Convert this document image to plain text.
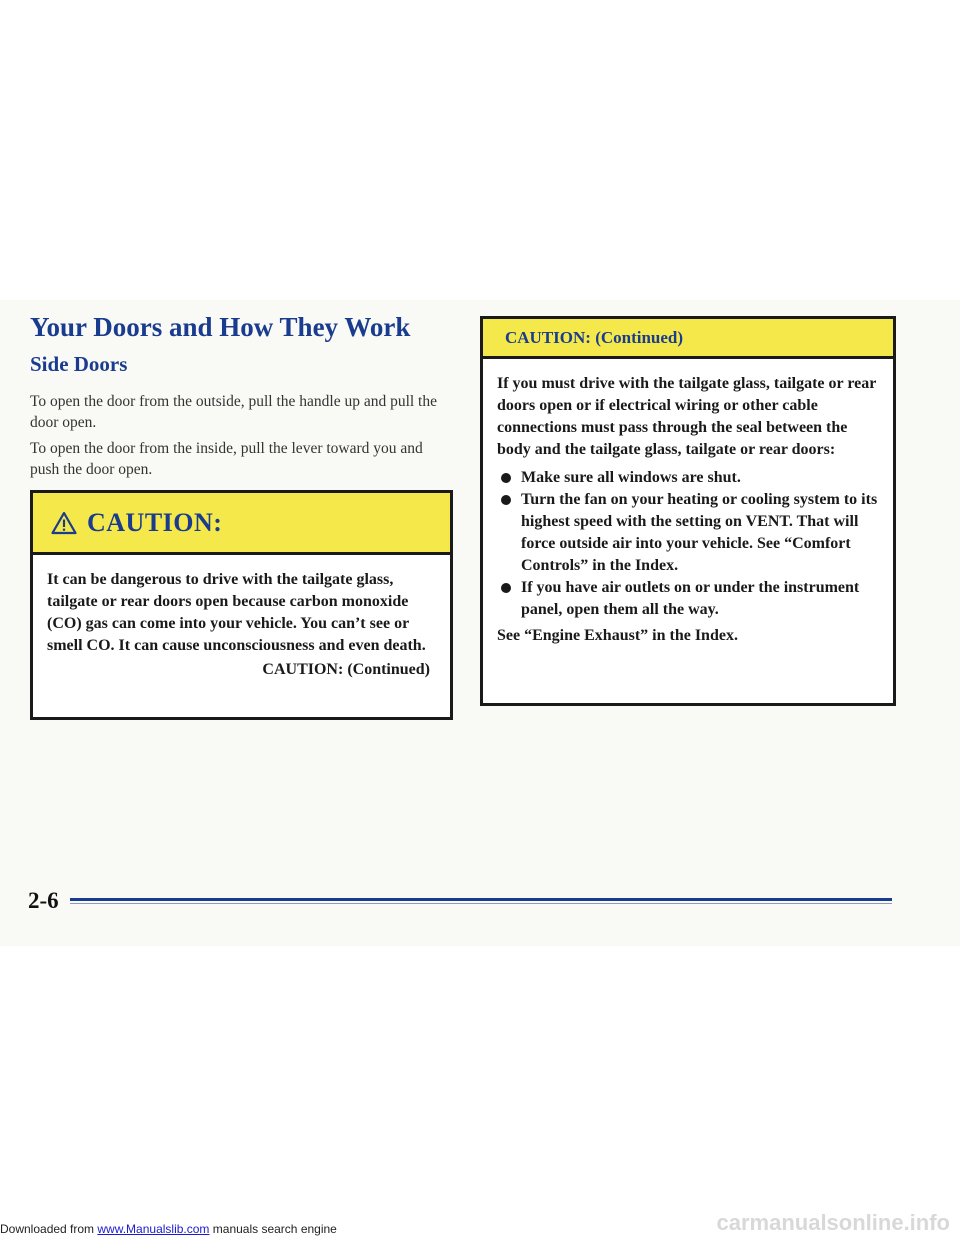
Your Doors and How They Work
Side Doors

To open the door from the outside, pull the handle up and pull the door open.

To open the door from the inside, pull the lever toward you and push the door open.

CAUTION:
It can be dangerous to drive with the tailgate glass, tailgate or rear doors open because carbon monoxide (CO) gas can come into your vehicle. You can’t see or smell CO. It can cause unconsciousness and even death.
CAUTION: (Continued)
CAUTION: (Continued)
If you must drive with the tailgate glass, tailgate or rear doors open or if electrical wiring or other cable connections must pass through the seal between the body and the tailgate glass, tailgate or rear doors:
Make sure all windows are shut.
Turn the fan on your heating or cooling system to its highest speed with the setting on VENT. That will force outside air into your vehicle. See “Comfort Controls” in the Index.
If you have air outlets on or under the instrument panel, open them all the way.
See “Engine Exhaust” in the Index.
2-6
Downloaded from www.Manualslib.com manuals search engine	carmanualsonline.info
